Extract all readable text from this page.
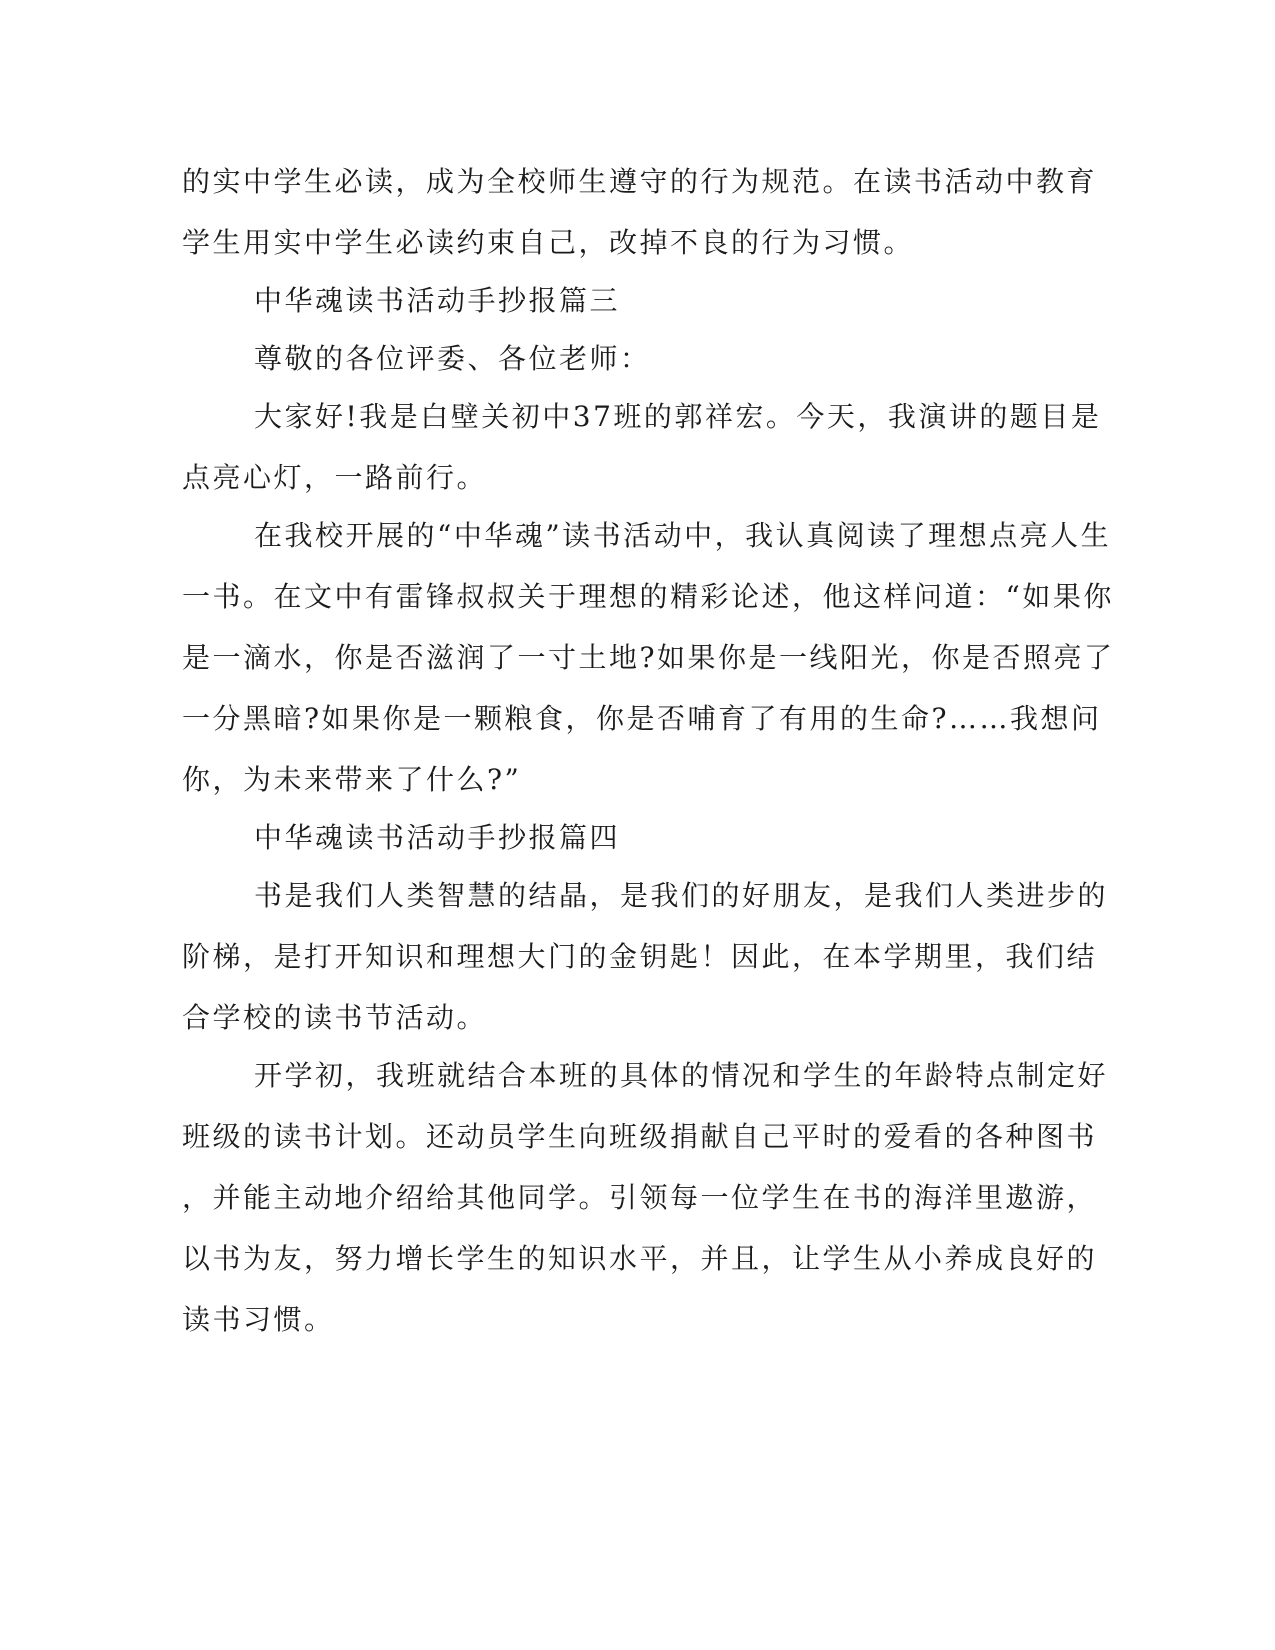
的实中学生必读，成为全校师生遵守的行为规范。在读书活动中教育
学生用实中学生必读约束自己，改掉不良的行为习惯。
中华魂读书活动手抄报篇三
尊敬的各位评委、各位老师：
大家好!我是白壁关初中37班的郭祥宏。今天，我演讲的题目是
点亮心灯，一路前行。
在我校开展的“中华魂”读书活动中，我认真阅读了理想点亮人生
一书。在文中有雷锋叔叔关于理想的精彩论述，他这样问道：“如果你
是一滴水，你是否滋润了一寸土地?如果你是一线阳光，你是否照亮了
一分黑暗?如果你是一颗粮食，你是否哺育了有用的生命?……我想问
你，为未来带来了什么?”
中华魂读书活动手抄报篇四
书是我们人类智慧的结晶，是我们的好朋友，是我们人类进步的
阶梯，是打开知识和理想大门的金钥匙！因此，在本学期里，我们结
合学校的读书节活动。
开学初，我班就结合本班的具体的情况和学生的年龄特点制定好
班级的读书计划。还动员学生向班级捐献自己平时的爱看的各种图书
，并能主动地介绍给其他同学。引领每一位学生在书的海洋里遨游，
以书为友，努力增长学生的知识水平，并且，让学生从小养成良好的
读书习惯。
